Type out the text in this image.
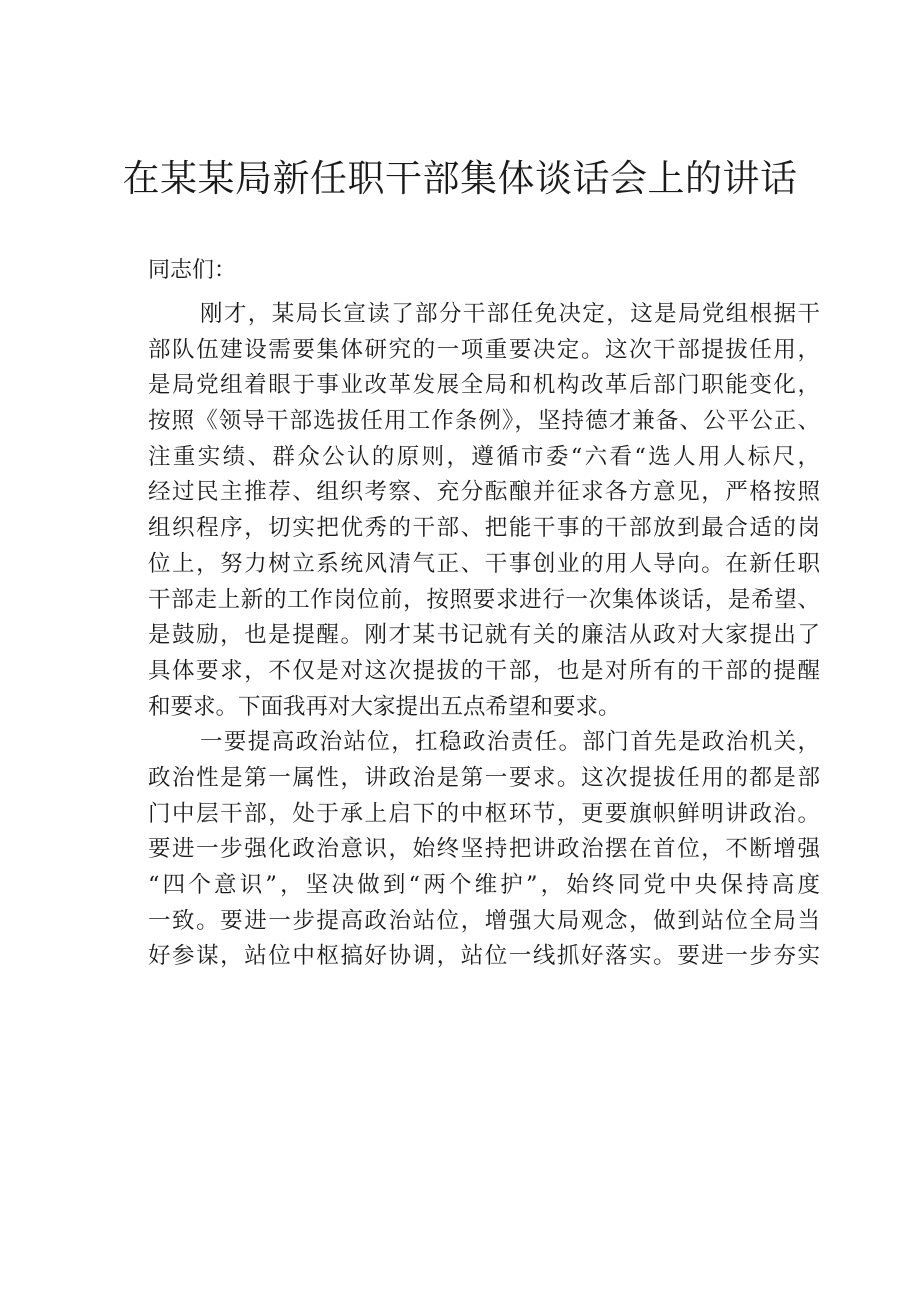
在某某局新任职干部集体谈话会上的讲话
同志们：
刚才，某局长宣读了部分干部任免决定，这是局党组根据干
部队伍建设需要集体研究的一项重要决定。这次干部提拔任用，
是局党组着眼于事业改革发展全局和机构改革后部门职能变化，
按照《领导干部选拔任用工作条例》，坚持德才兼备、公平公正、
注重实绩、群众公认的原则，遵循市委“六看“选人用人标尺，
经过民主推荐、组织考察、充分酝酿并征求各方意见，严格按照
组织程序，切实把优秀的干部、把能干事的干部放到最合适的岗
位上，努力树立系统风清气正、干事创业的用人导向。在新任职
干部走上新的工作岗位前，按照要求进行一次集体谈话，是希望、
是鼓励，也是提醒。刚才某书记就有关的廉洁从政对大家提出了
具体要求，不仅是对这次提拔的干部，也是对所有的干部的提醒
和要求。下面我再对大家提出五点希望和要求。
一要提高政治站位，扛稳政治责任。部门首先是政治机关，
政治性是第一属性，讲政治是第一要求。这次提拔任用的都是部
门中层干部，处于承上启下的中枢环节，更要旗帜鲜明讲政治。
要进一步强化政治意识，始终坚持把讲政治摆在首位，不断增强
“四个意识”，坚决做到“两个维护”，始终同党中央保持高度
一致。要进一步提高政治站位，增强大局观念，做到站位全局当
好参谋，站位中枢搞好协调，站位一线抓好落实。要进一步夯实
